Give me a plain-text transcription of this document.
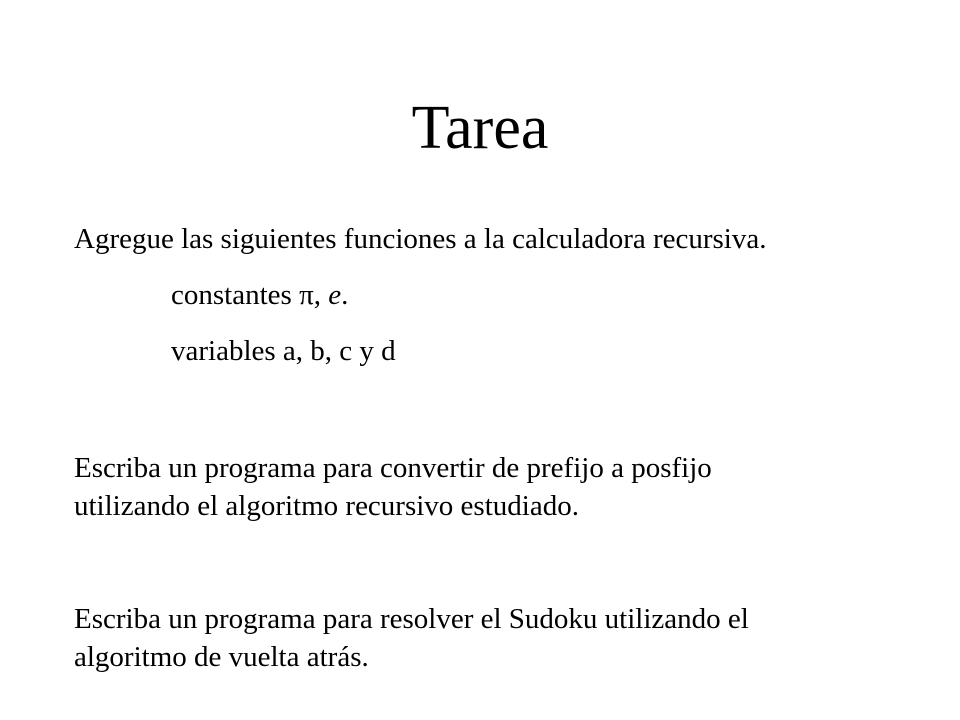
Tarea
Agregue las siguientes funciones a la calculadora recursiva.
constantes π, e.
variables a, b, c y d
Escriba un programa para convertir de prefijo a posfijo
utilizando el algoritmo recursivo estudiado.
Escriba un programa para resolver el Sudoku utilizando el
algoritmo de vuelta atrás.
